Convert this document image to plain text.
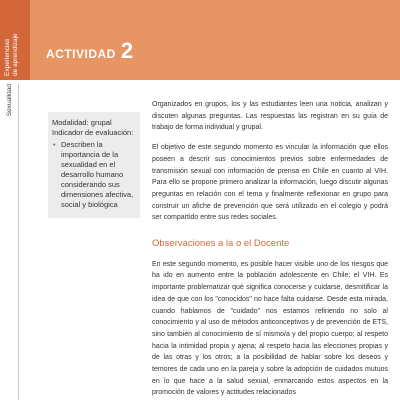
Experiencias de aprendizaje ACTIVIDAD 2
Sexualidad
Modalidad: grupal
Indicador de evaluación:
• Describen la importancia de la sexualidad en el desarrollo humano considerando sus dimensiones afectiva, social y biológica

Organizados en grupos, los y las estudiantes leen una noticia, analizan y discuten algunas preguntas. Las respuestas las registran en su guía de trabajo de forma individual y grupal.

El objetivo de este segundo momento es vincular la información que ellos poseen a descrir sus conocimientos previos sobre enfermedades de transmisión sexual con información de prensa en Chile en cuanto al VIH. Para ello se propone primero analizar la información, luego discutir algunas preguntas en relación con el tema y finalmente reflexionar en grupo para construir un afiche de prevención que será utilizado en el colegio y podrá ser compartido entre sus redes sociales.

Observaciones a la o el Docente

En este segundo momento, es posible hacer visible uno de los riesgos que ha ido en aumento entre la población adolescente en Chile: el VIH. Es importante problematizar qué significa conocerse y cuidarse, desmitificar la idea de que con los "conocidos" no hace falta cuidarse. Desde esta mirada, cuando hablamos de "cuidado" nos estamos refiriendo no solo al conocimiento y al uso de métodos anticonceptivos y de prevención de ETS, sino también al conocimiento de sí mismo/a y del propio cuerpo; al respeto hacia la intimidad propia y ajena; al respeto hacia las elecciones propias y de las otras y los otros; a la posibilidad de hablar sobre los deseos y temores de cada uno en la pareja y sobre la adopción de cuidados mutuos en lo que hace a la salud sexual, enmarcando estos aspectos en la promoción de valores y actitudes relacionados
